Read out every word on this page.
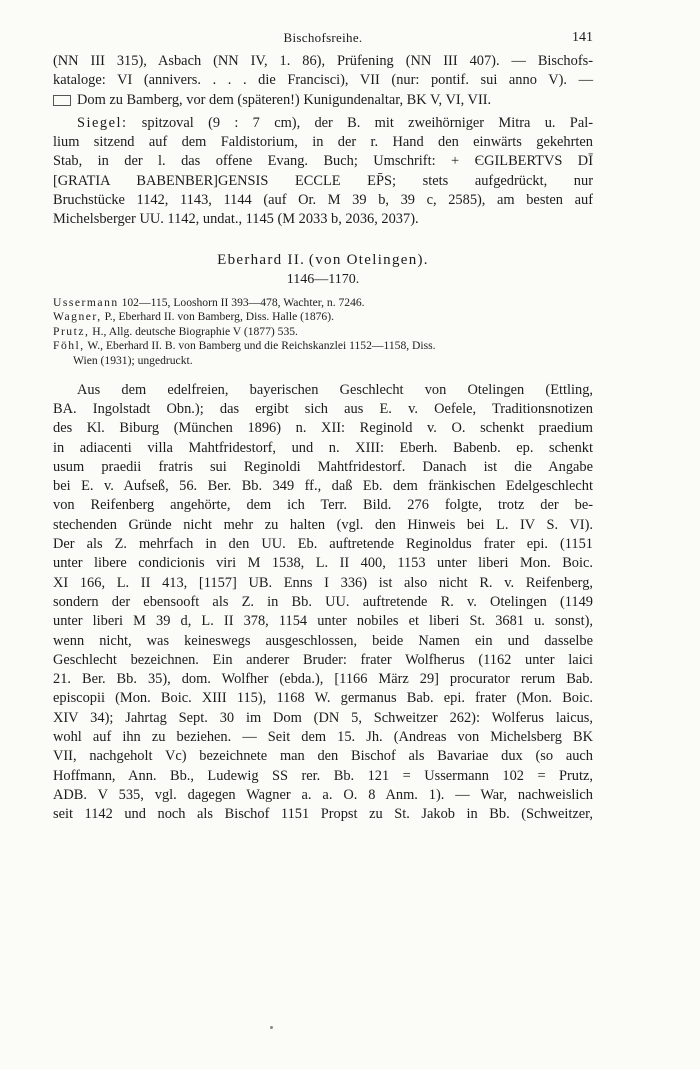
Bischofsreihe.	141
(NN III 315), Asbach (NN IV, 1. 86), Prüfening (NN III 407). — Bischofs-
kataloge: VI (annivers. . . . die Francisci), VII (nur: pontif. sui anno V). —
Dom zu Bamberg, vor dem (späteren!) Kunigundenaltar, BK V, VI, VII.
Siegel: spitzoval (9 : 7 cm), der B. mit zweihörniger Mitra u. Pal-
lium sitzend auf dem Faldistorium, in der r. Hand den einwärts gekehrten
Stab, in der l. das offene Evang. Buch; Umschrift: + ЄGILBERTVS DĪ
[GRATIA BABENBER]GENSIS ECCLE EP̄S; stets aufgedrückt, nur
Bruchstücke 1142, 1143, 1144 (auf Or. M 39 b, 39 c, 2585), am besten auf
Michelsberger UU. 1142, undat., 1145 (M 2033 b, 2036, 2037).
Eberhard II. (von Otelingen).
1146—1170.
Ussermann 102—115, Looshorn II 393—478, Wachter, n. 7246.
Wagner, P., Eberhard II. von Bamberg, Diss. Halle (1876).
Prutz, H., Allg. deutsche Biographie V (1877) 535.
Föhl, W., Eberhard II. B. von Bamberg und die Reichskanzlei 1152—1158, Diss.
Wien (1931); ungedruckt.
Aus dem edelfreien, bayerischen Geschlecht von Otelingen (Ettling,
BA. Ingolstadt Obn.); das ergibt sich aus E. v. Oefele, Traditionsnotizen
des Kl. Biburg (München 1896) n. XII: Reginold v. O. schenkt praedium
in adiacenti villa Mahtfridestorf, und n. XIII: Eberh. Babenb. ep. schenkt
usum praedii fratris sui Reginoldi Mahtfridestorf. Danach ist die Angabe
bei E. v. Aufseß, 56. Ber. Bb. 349 ff., daß Eb. dem fränkischen Edelgeschlecht
von Reifenberg angehörte, dem ich Terr. Bild. 276 folgte, trotz der be-
stechenden Gründe nicht mehr zu halten (vgl. den Hinweis bei L. IV S. VI).
Der als Z. mehrfach in den UU. Eb. auftretende Reginoldus frater epi. (1151
unter libere condicionis viri M 1538, L. II 400, 1153 unter liberi Mon. Boic.
XI 166, L. II 413, [1157] UB. Enns I 336) ist also nicht R. v. Reifenberg,
sondern der ebensooft als Z. in Bb. UU. auftretende R. v. Otelingen (1149
unter liberi M 39 d, L. II 378, 1154 unter nobiles et liberi St. 3681 u. sonst),
wenn nicht, was keineswegs ausgeschlossen, beide Namen ein und dasselbe
Geschlecht bezeichnen. Ein anderer Bruder: frater Wolfherus (1162 unter laici
21. Ber. Bb. 35), dom. Wolfher (ebda.), [1166 März 29] procurator rerum Bab.
episcopii (Mon. Boic. XIII 115), 1168 W. germanus Bab. epi. frater (Mon. Boic.
XIV 34); Jahrtag Sept. 30 im Dom (DN 5, Schweitzer 262): Wolferus laicus,
wohl auf ihn zu beziehen. — Seit dem 15. Jh. (Andreas von Michelsberg BK
VII, nachgeholt Vc) bezeichnete man den Bischof als Bavariae dux (so auch
Hoffmann, Ann. Bb., Ludewig SS rer. Bb. 121 = Ussermann 102 = Prutz,
ADB. V 535, vgl. dagegen Wagner a. a. O. 8 Anm. 1). — War, nachweislich
seit 1142 und noch als Bischof 1151 Propst zu St. Jakob in Bb. (Schweitzer,
